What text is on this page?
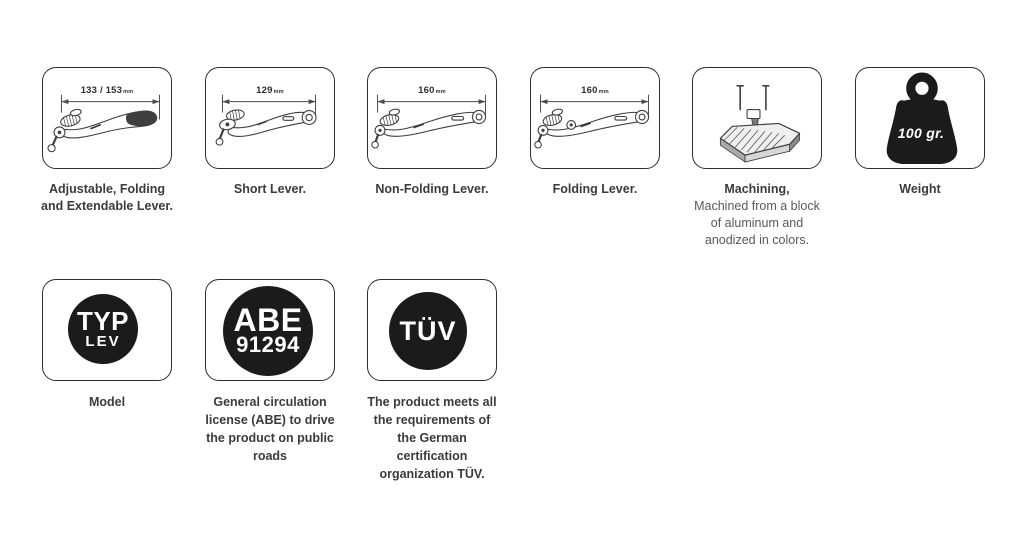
133 / 153mm
Adjustable, Folding
and Extendable Lever.
129mm
Short Lever.
160mm
Non-Folding Lever.
160mm
Folding Lever.	Machining,
Machined from a block
of aluminum and
anodized in colors.
100 gr.
Weight
TYP
LEV
Model
ABE
91294
General circulation
license (ABE) to drive
the product on public
roads
TÜV
The product meets all
the requirements of
the German
certification
organization TÜV.
